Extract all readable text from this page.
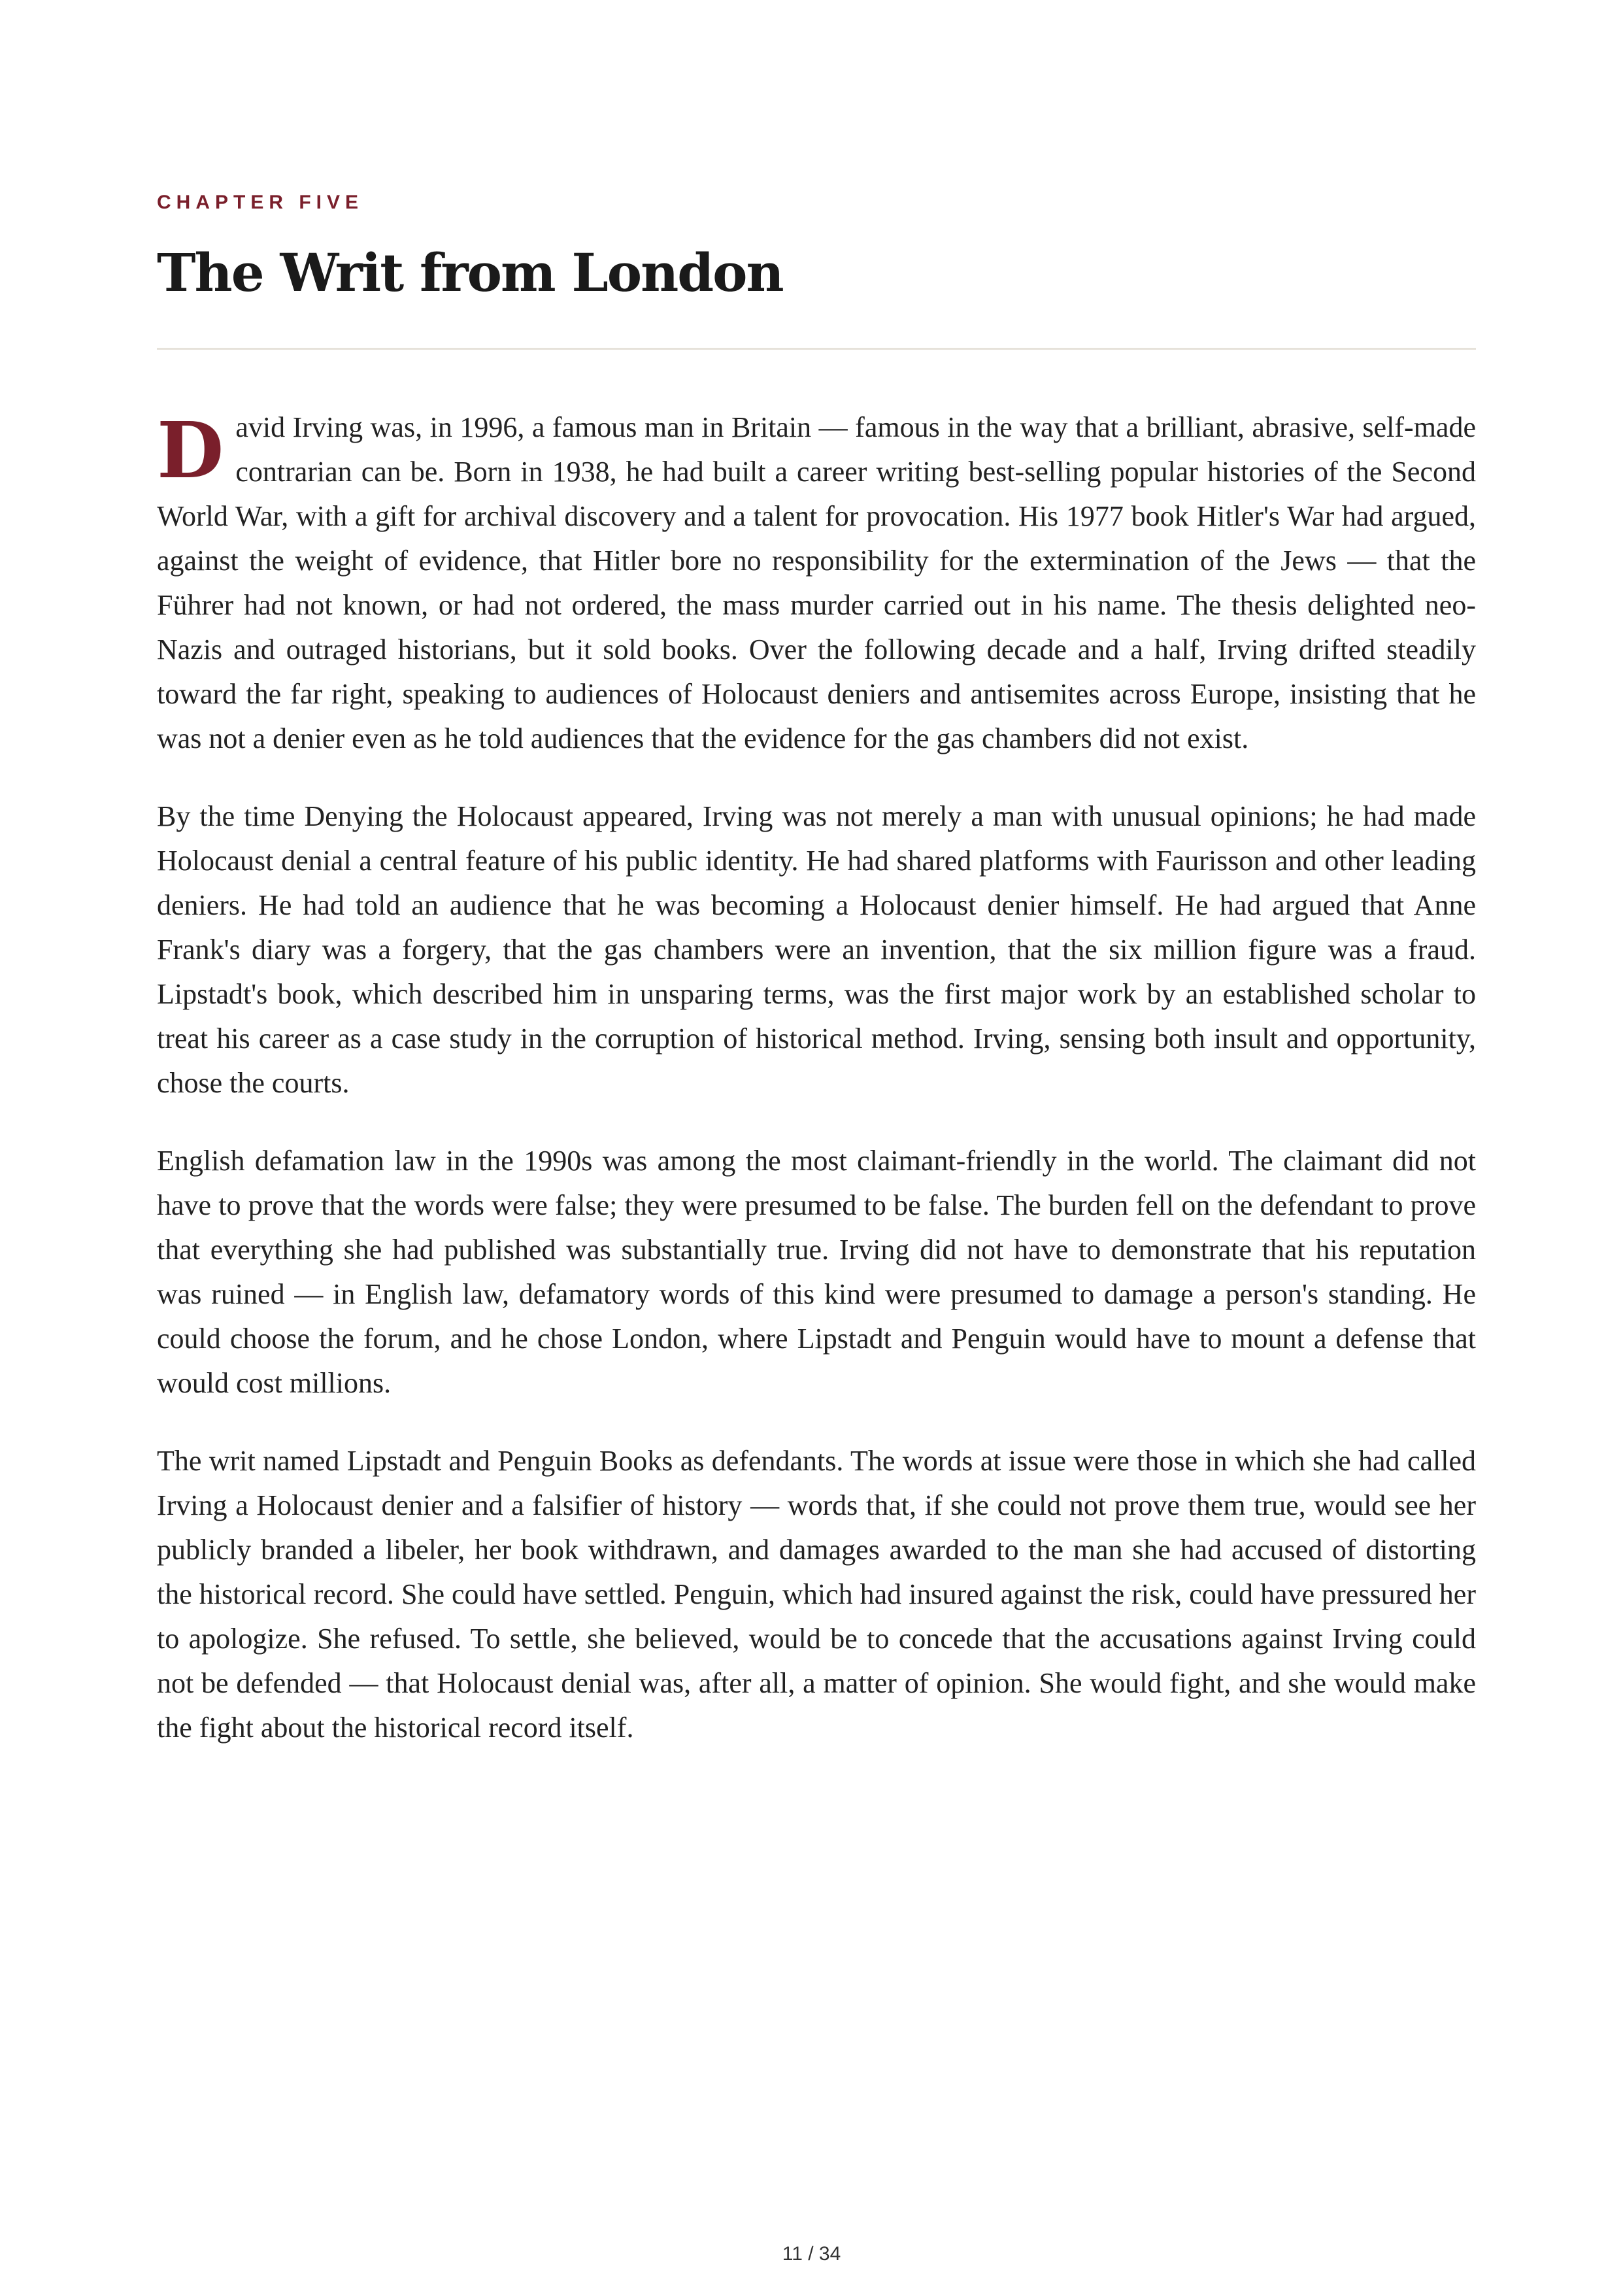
CHAPTER FIVE
The Writ from London

David Irving was, in 1996, a famous man in Britain — famous in the way that a brilliant, abrasive, self-made contrarian can be. Born in 1938, he had built a career writing best-selling popular histories of the Second World War, with a gift for archival discovery and a talent for provocation. His 1977 book Hitler's War had argued, against the weight of evidence, that Hitler bore no responsibility for the extermination of the Jews — that the Führer had not known, or had not ordered, the mass murder carried out in his name. The thesis delighted neo-Nazis and outraged historians, but it sold books. Over the following decade and a half, Irving drifted steadily toward the far right, speaking to audiences of Holocaust deniers and antisemites across Europe, insisting that he was not a denier even as he told audiences that the evidence for the gas chambers did not exist.

By the time Denying the Holocaust appeared, Irving was not merely a man with unusual opinions; he had made Holocaust denial a central feature of his public identity. He had shared platforms with Faurisson and other leading deniers. He had told an audience that he was becoming a Holocaust denier himself. He had argued that Anne Frank's diary was a forgery, that the gas chambers were an invention, that the six million figure was a fraud. Lipstadt's book, which described him in unsparing terms, was the first major work by an established scholar to treat his career as a case study in the corruption of historical method. Irving, sensing both insult and opportunity, chose the courts.

English defamation law in the 1990s was among the most claimant-friendly in the world. The claimant did not have to prove that the words were false; they were presumed to be false. The burden fell on the defendant to prove that everything she had published was substantially true. Irving did not have to demonstrate that his reputation was ruined — in English law, defamatory words of this kind were presumed to damage a person's standing. He could choose the forum, and he chose London, where Lipstadt and Penguin would have to mount a defense that would cost millions.

The writ named Lipstadt and Penguin Books as defendants. The words at issue were those in which she had called Irving a Holocaust denier and a falsifier of history — words that, if she could not prove them true, would see her publicly branded a libeler, her book withdrawn, and damages awarded to the man she had accused of distorting the historical record. She could have settled. Penguin, which had insured against the risk, could have pressured her to apologize. She refused. To settle, she believed, would be to concede that the accusations against Irving could not be defended — that Holocaust denial was, after all, a matter of opinion. She would fight, and she would make the fight about the historical record itself.

11 / 34
